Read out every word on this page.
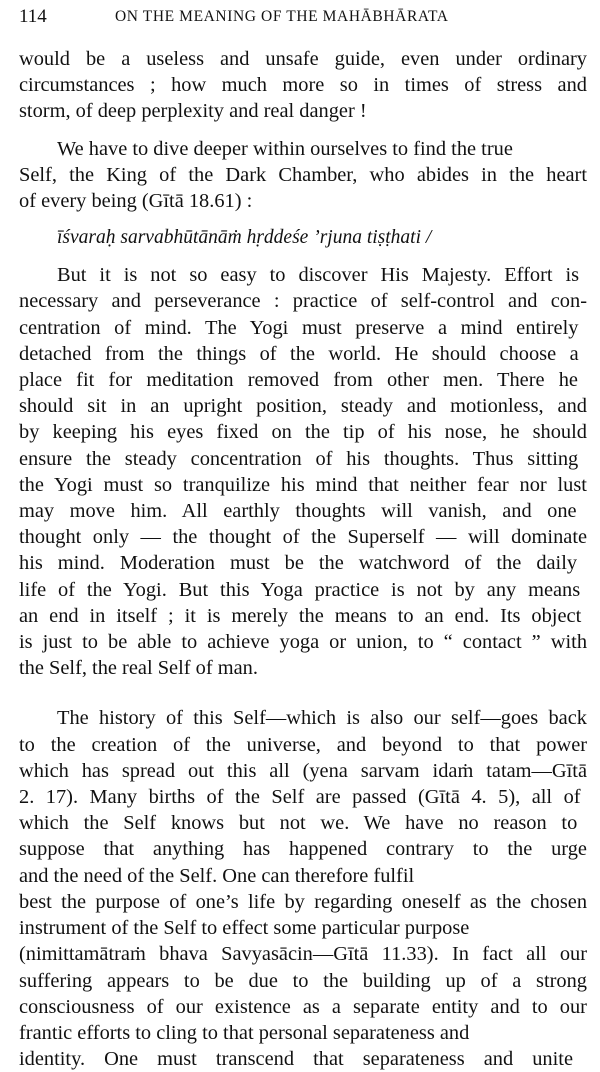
114	ON THE MEANING OF THE MAHĀBHĀRATA
would be a useless and unsafe guide, even under ordinary
circumstances ; how much more so in times of stress and
storm, of deep perplexity and real danger !
We have to dive deeper within ourselves to find the true
Self, the King of the Dark Chamber, who abides in the heart
of every being (Gītā 18.61) :

īśvaraḥ sarvabhūtānāṁ hṛddeśe ’rjuna tiṣṭhati /

But it is not so easy to discover His Majesty. Effort is
necessary and perseverance : practice of self-control and con-
centration of mind. The Yogi must preserve a mind entirely
detached from the things of the world. He should choose a
place fit for meditation removed from other men. There he
should sit in an upright position, steady and motionless, and
by keeping his eyes fixed on the tip of his nose, he should
ensure the steady concentration of his thoughts. Thus sitting
the Yogi must so tranquilize his mind that neither fear nor lust
may move him. All earthly thoughts will vanish, and one
thought only — the thought of the Superself — will dominate
his mind. Moderation must be the watchword of the daily
life of the Yogi. But this Yoga practice is not by any means
an end in itself ; it is merely the means to an end. Its object
is just to be able to achieve yoga or union, to “ contact ” with
the Self, the real Self of man.
The history of this Self—which is also our self—goes back
to the creation of the universe, and beyond to that power
which has spread out this all (yena sarvam idaṁ tatam—Gītā
2. 17). Many births of the Self are passed (Gītā 4. 5), all of
which the Self knows but not we. We have no reason to
suppose that anything has happened contrary to the urge
and the need of the Self. One can therefore fulfil
best the purpose of one’s life by regarding oneself as the chosen
instrument of the Self to effect some particular purpose
(nimittamātraṁ bhava Savyasācin—Gītā 11.33). In fact all our
suffering appears to be due to the building up of a strong
consciousness of our existence as a separate entity and to our
frantic efforts to cling to that personal separateness and
identity. One must transcend that separateness and unite
